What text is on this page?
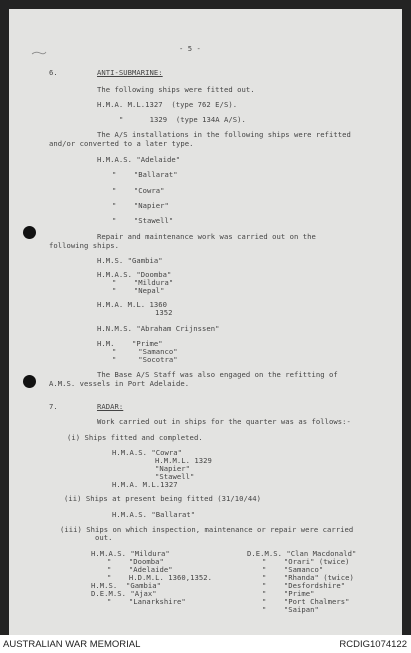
- 5 -
6.	ANTI-SUBMARINE:
The following ships were fitted out.
H.M.A. M.L.1327  (type 762 E/S).
"      1329  (type 134A A/S).
The A/S installations in the following ships were refitted
and/or converted to a later type.
H.M.A.S. "Adelaide"
"    "Ballarat"
"    "Cowra"
"    "Napier"
"    "Stawell"
Repair and maintenance work was carried out on the
following ships.
H.M.S. "Gambia"
H.M.A.S. "Doomba"
"    "Mildura"
"    "Nepal"
H.M.A. M.L. 1360
1352
H.N.M.S. "Abraham Crijnssen"
H.M.    "Prime"
"     "Samanco"
"     "Socotra"
The Base A/S Staff was also engaged on the refitting of
A.M.S. vessels in Port Adelaide.
7.	RADAR:
Work carried out in ships for the quarter was as follows:-
(i) Ships fitted and completed.
H.M.A.S. "Cowra"
H.M.M.L. 1329
"Napier"
"Stawell"
H.M.A. M.L.1327
(ii) Ships at present being fitted (31/10/44)
H.M.A.S. "Ballarat"
(iii) Ships on which inspection, maintenance or repair were carried
out.
H.M.A.S. "Mildura"
"    "Doomba"
"    "Adelaide"
"    H.D.M.L. 1360,1352.
H.M.S.  "Gambia"
D.E.M.S. "Ajax"
"    "Lanarkshire"
D.E.M.S. "Clan Macdonald"
"    "Orari" (twice)
"    "Samanco"
"    "Rhanda" (twice)
"    "Desfordshire"
"    "Prime"
"    "Port Chalmers"
"    "Saipan"
AUSTRALIAN WAR MEMORIAL	RCDIG1074122
